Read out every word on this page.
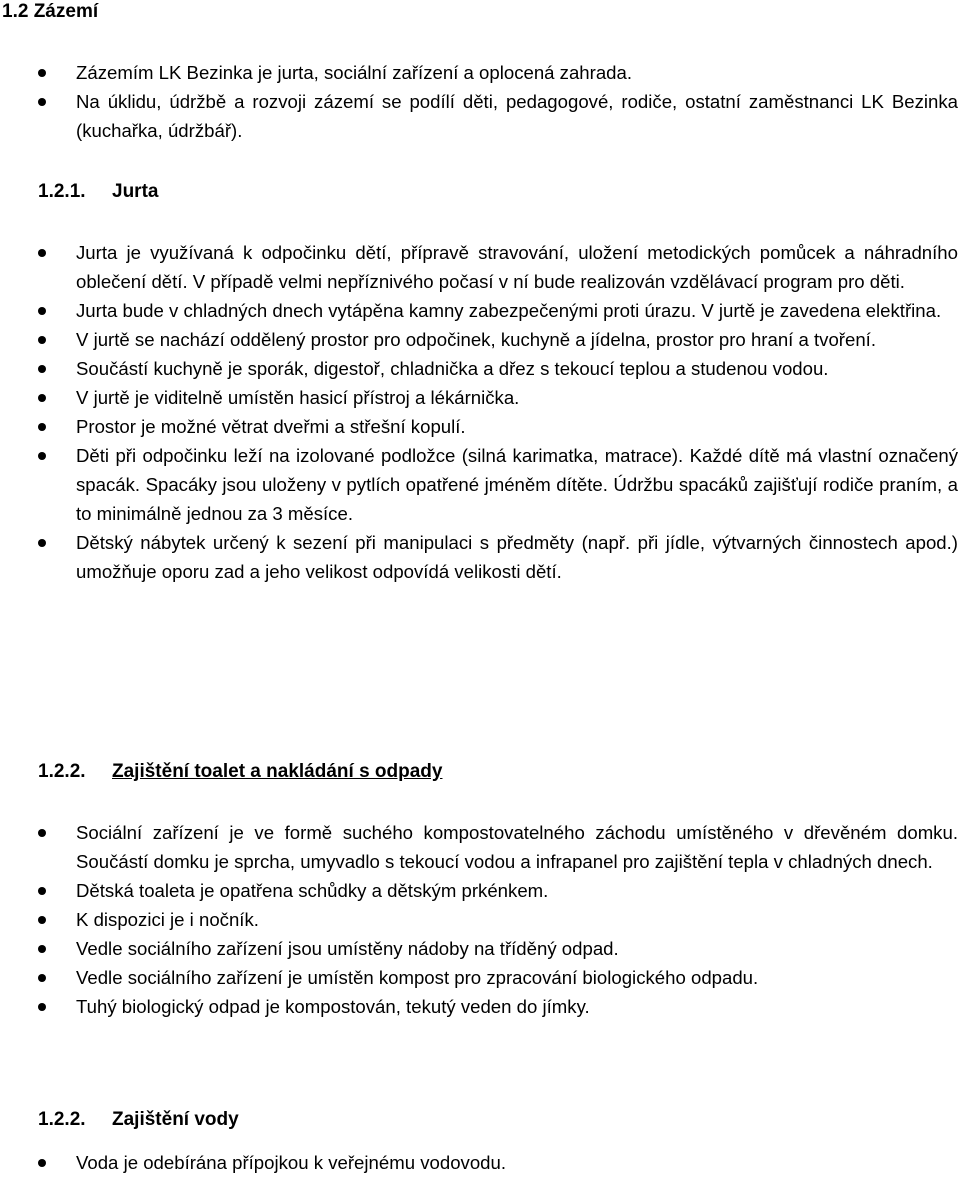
1.2 Zázemí
Zázemím LK Bezinka je jurta, sociální zařízení a oplocená zahrada.
Na úklidu, údržbě a rozvoji zázemí se podílí děti, pedagogové, rodiče, ostatní zaměstnanci LK Bezinka (kuchařka, údržbář).
1.2.1. Jurta
Jurta je využívaná k odpočinku dětí, přípravě stravování, uložení metodických pomůcek a náhradního oblečení dětí. V případě velmi nepříznivého počasí v ní bude realizován vzdělávací program pro děti.
Jurta bude v chladných dnech vytápěna kamny zabezpečenými proti úrazu. V jurtě je zavedena elektřina.
V jurtě se nachází oddělený prostor pro odpočinek, kuchyně a jídelna, prostor pro hraní a tvoření.
Součástí kuchyně je sporák, digestoř, chladnička a dřez s tekoucí teplou a studenou vodou.
V jurtě je viditelně umístěn hasicí přístroj a lékárnička.
Prostor je možné větrat dveřmi a střešní kopulí.
Děti při odpočinku leží na izolované podložce (silná karimatka, matrace). Každé dítě má vlastní označený spacák. Spacáky jsou uloženy v pytlích opatřené jméněm dítěte. Údržbu spacáků zajišťují rodiče praním, a to minimálně jednou za 3 měsíce.
Dětský nábytek určený k sezení při manipulaci s předměty (např. při jídle, výtvarných činnostech apod.) umožňuje oporu zad a jeho velikost odpovídá velikosti dětí.
1.2.2. Zajištění toalet a nakládání s odpady
Sociální zařízení je ve formě suchého kompostovatelného záchodu umístěného v dřevěném domku. Součástí domku je sprcha, umyvadlo s tekoucí vodou a infrapanel pro zajištění tepla v chladných dnech.
Dětská toaleta je opatřena schůdky a dětským prkénkem.
K dispozici je i nočník.
Vedle sociálního zařízení jsou umístěny nádoby na tříděný odpad.
Vedle sociálního zařízení je umístěn kompost pro zpracování biologického odpadu.
Tuhý biologický odpad je kompostován, tekutý veden do jímky.
1.2.2. Zajištění vody
Voda je odebírána přípojkou k veřejnému vodovodu.
